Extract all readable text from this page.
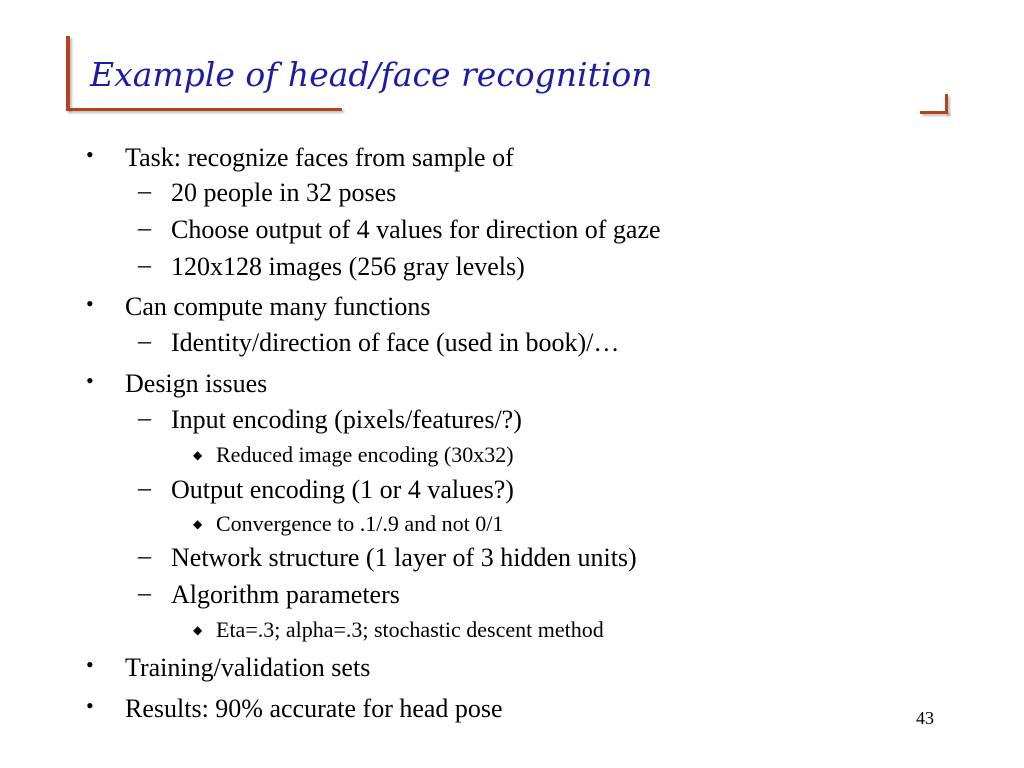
Example of head/face recognition
• Task: recognize faces from sample of
– 20 people in 32 poses
– Choose output of 4 values for direction of gaze
– 120x128 images (256 gray levels)
• Can compute many functions
– Identity/direction of face (used in book)/…
• Design issues
– Input encoding (pixels/features/?)
◆ Reduced image encoding (30x32)
– Output encoding (1 or 4 values?)
◆ Convergence to .1/.9 and not 0/1
– Network structure (1 layer of 3 hidden units)
– Algorithm parameters
◆ Eta=.3; alpha=.3; stochastic descent method
• Training/validation sets
• Results: 90% accurate for head pose	43
